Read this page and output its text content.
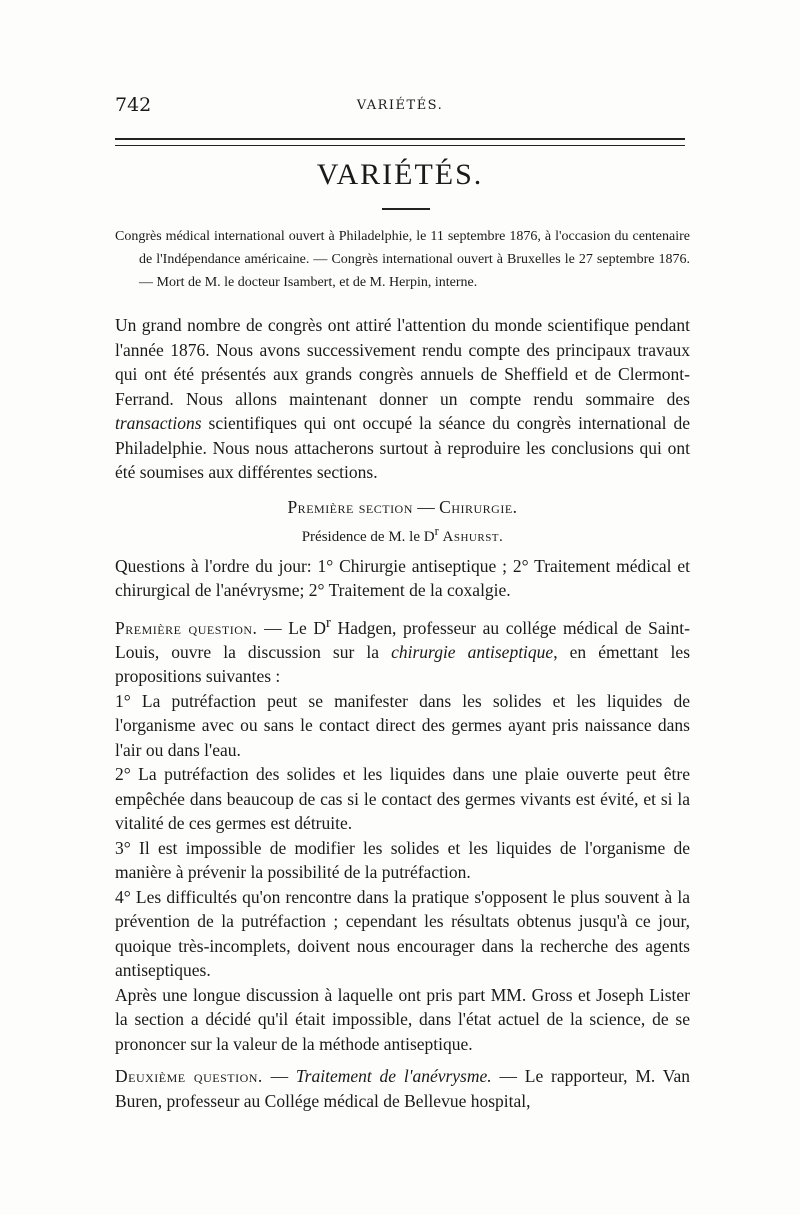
742	VARIÉTÉS.
VARIÉTÉS.

Congrès médical international ouvert à Philadelphie, le 11 septembre 1876, à l'occasion du centenaire de l'Indépendance américaine. — Congrès international ouvert à Bruxelles le 27 septembre 1876. — Mort de M. le docteur Isambert, et de M. Herpin, interne.

Un grand nombre de congrès ont attiré l'attention du monde scientifique pendant l'année 1876. Nous avons successivement rendu compte des principaux travaux qui ont été présentés aux grands congrès annuels de Sheffield et de Clermont-Ferrand. Nous allons maintenant donner un compte rendu sommaire des transactions scientifiques qui ont occupé la séance du congrès international de Philadelphie. Nous nous attacherons surtout à reproduire les conclusions qui ont été soumises aux différentes sections.

Première section — Chirurgie.

Présidence de M. le $D^r$ Ashurst.

Questions à l'ordre du jour: 1° Chirurgie antiseptique ; 2° Traitement médical et chirurgical de l'anévrysme; 2° Traitement de la coxalgie.

Première question. — Le $D^r$ Hadgen, professeur au collége médical de Saint-Louis, ouvre la discussion sur la chirurgie antiseptique, en émettant les propositions suivantes :

1° La putréfaction peut se manifester dans les solides et les liquides de l'organisme avec ou sans le contact direct des germes ayant pris naissance dans l'air ou dans l'eau.

2° La putréfaction des solides et les liquides dans une plaie ouverte peut être empêchée dans beaucoup de cas si le contact des germes vivants est évité, et si la vitalité de ces germes est détruite.

3° Il est impossible de modifier les solides et les liquides de l'organisme de manière à prévenir la possibilité de la putréfaction.

4° Les difficultés qu'on rencontre dans la pratique s'opposent le plus souvent à la prévention de la putréfaction ; cependant les résultats obtenus jusqu'à ce jour, quoique très-incomplets, doivent nous encourager dans la recherche des agents antiseptiques.

Après une longue discussion à laquelle ont pris part MM. Gross et Joseph Lister la section a décidé qu'il était impossible, dans l'état actuel de la science, de se prononcer sur la valeur de la méthode antiseptique.

Deuxième question. — Traitement de l'anévrysme. — Le rapporteur, M. Van Buren, professeur au Collége médical de Bellevue hospital,
